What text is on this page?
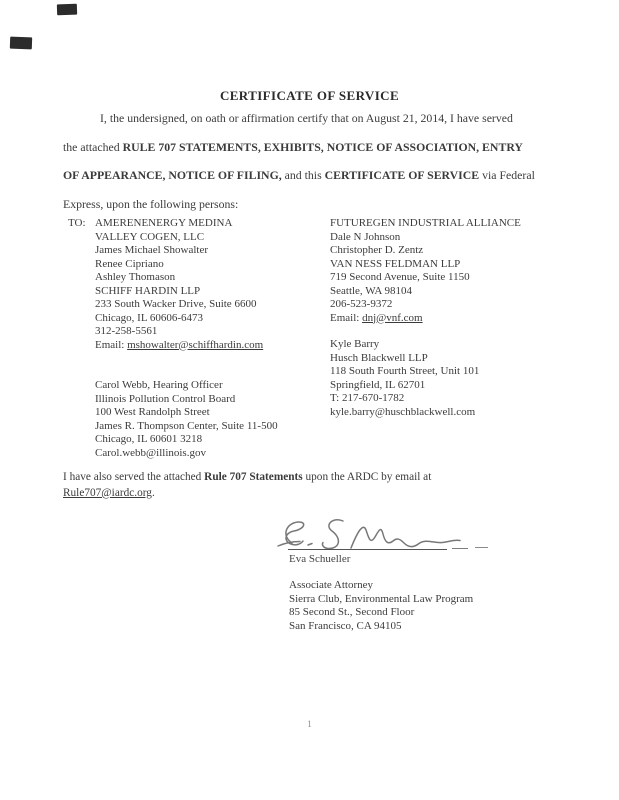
CERTIFICATE OF SERVICE
I, the undersigned, on oath or affirmation certify that on August 21, 2014, I have served
the attached RULE 707 STATEMENTS, EXHIBITS, NOTICE OF ASSOCIATION, ENTRY
OF APPEARANCE, NOTICE OF FILING, and this CERTIFICATE OF SERVICE via Federal
Express, upon the following persons:
TO: AMERENENERGY MEDINA
VALLEY COGEN, LLC
James Michael Showalter
Renee Cipriano
Ashley Thomason
SCHIFF HARDIN LLP
233 South Wacker Drive, Suite 6600
Chicago, IL 60606-6473
312-258-5561
Email: mshowalter@schiffhardin.com
Carol Webb, Hearing Officer
Illinois Pollution Control Board
100 West Randolph Street
James R. Thompson Center, Suite 11-500
Chicago, IL 60601 3218
Carol.webb@illinois.gov
FUTUREGEN INDUSTRIAL ALLIANCE
Dale N Johnson
Christopher D. Zentz
VAN NESS FELDMAN LLP
719 Second Avenue, Suite 1150
Seattle, WA 98104
206-523-9372
Email: dnj@vnf.com
Kyle Barry
Husch Blackwell LLP
118 South Fourth Street, Unit 101
Springfield, IL 62701
T: 217-670-1782
kyle.barry@huschblackwell.com
I have also served the attached Rule 707 Statements upon the ARDC by email at
Rule707@iardc.org.
Eva Schueller
Associate Attorney
Sierra Club, Environmental Law Program
85 Second St., Second Floor
San Francisco, CA 94105
1
